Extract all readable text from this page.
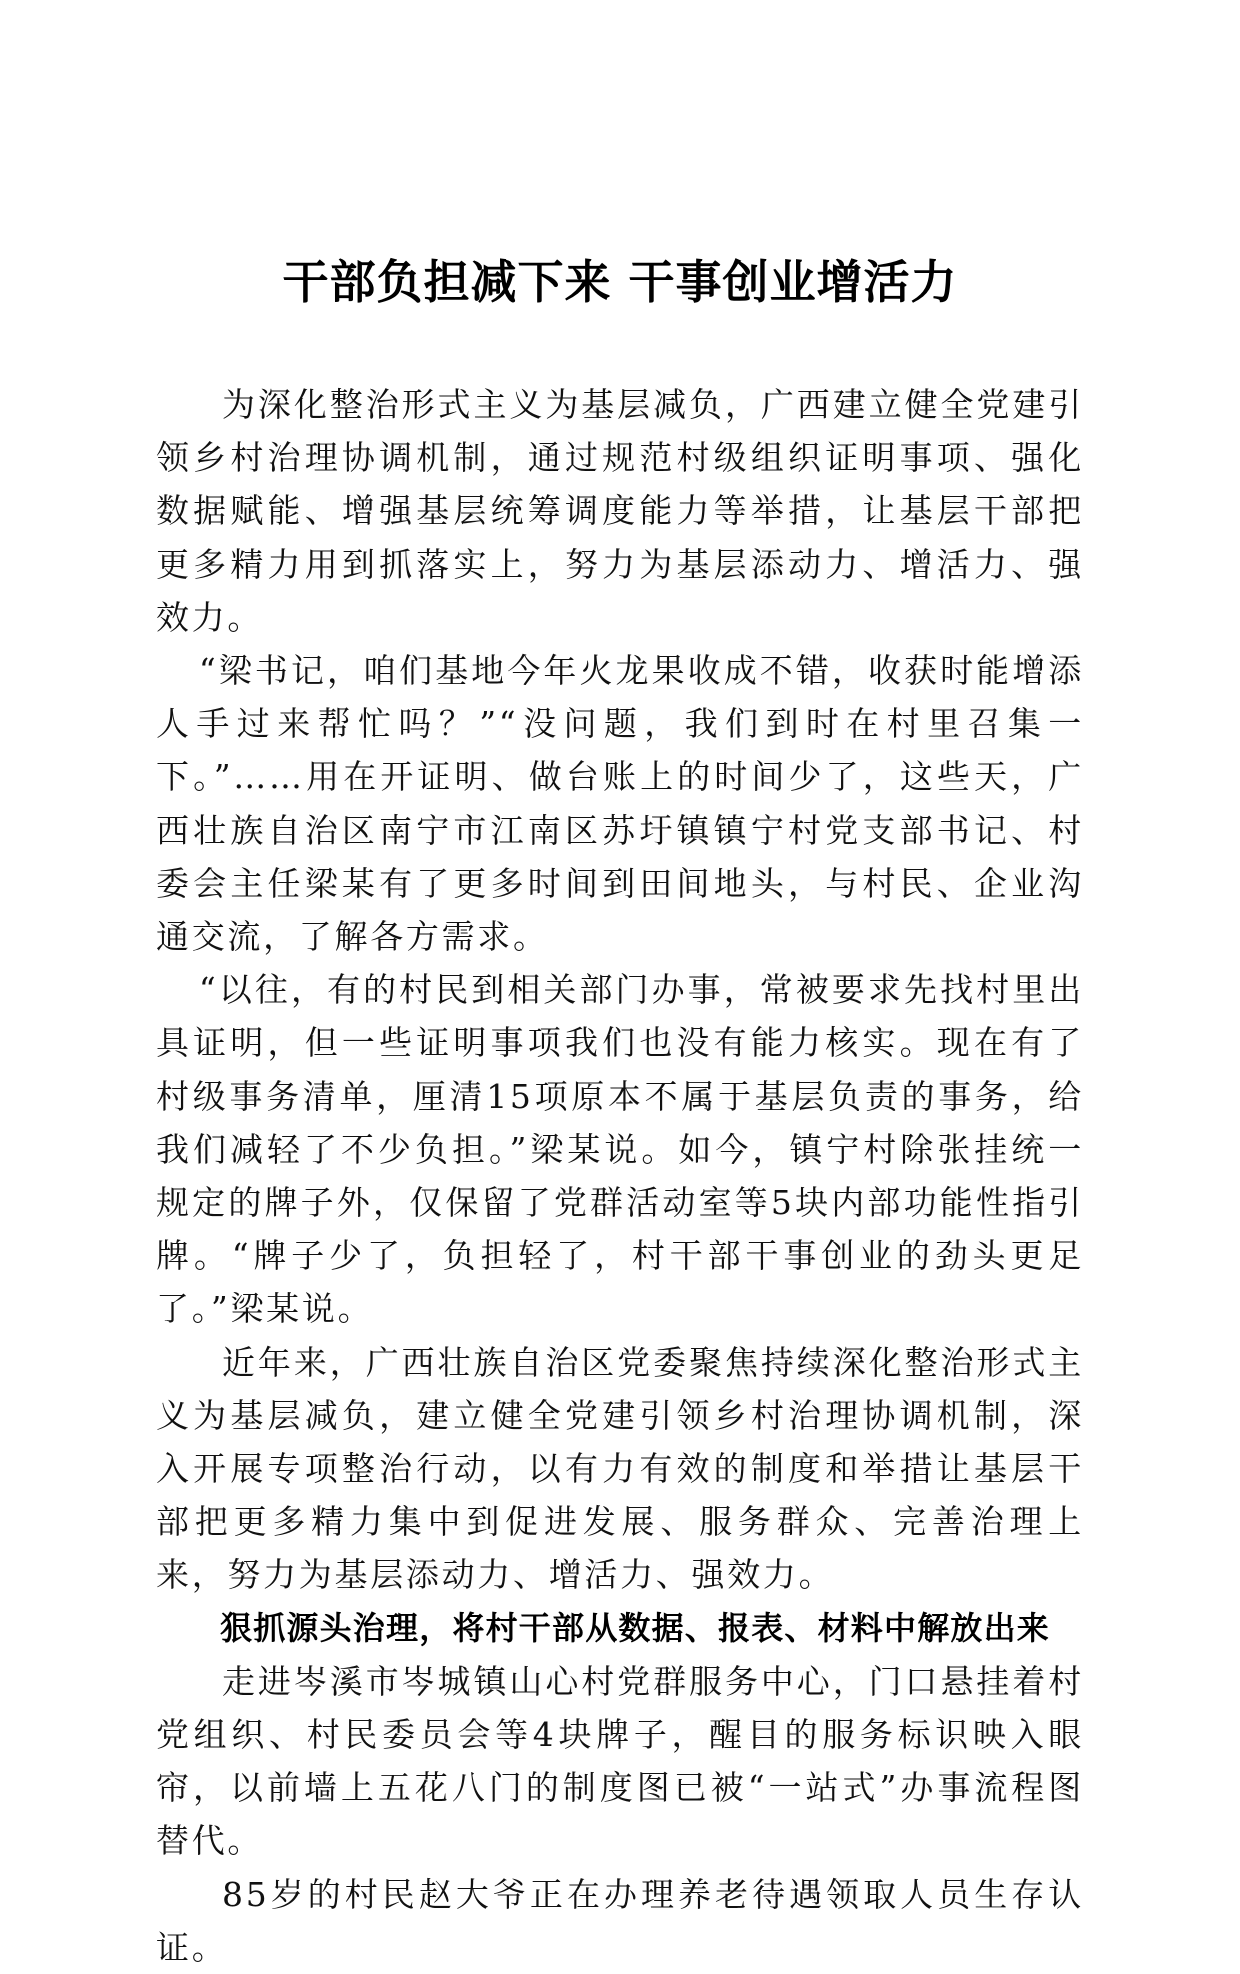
干部负担减下来 干事创业增活力

为深化整治形式主义为基层减负，广西建立健全党建引领乡村治理协调机制，通过规范村级组织证明事项、强化数据赋能、增强基层统筹调度能力等举措，让基层干部把更多精力用到抓落实上，努力为基层添动力、增活力、强效力。

“梁书记，咱们基地今年火龙果收成不错，收获时能增添人手过来帮忙吗？”“没问题，我们到时在村里召集一下。”……用在开证明、做台账上的时间少了，这些天，广西壮族自治区南宁市江南区苏圩镇镇宁村党支部书记、村委会主任梁某有了更多时间到田间地头，与村民、企业沟通交流，了解各方需求。

“以往，有的村民到相关部门办事，常被要求先找村里出具证明，但一些证明事项我们也没有能力核实。现在有了村级事务清单，厘清15项原本不属于基层负责的事务，给我们减轻了不少负担。”梁某说。如今，镇宁村除张挂统一规定的牌子外，仅保留了党群活动室等5块内部功能性指引牌。“牌子少了，负担轻了，村干部干事创业的劲头更足了。”梁某说。

近年来，广西壮族自治区党委聚焦持续深化整治形式主义为基层减负，建立健全党建引领乡村治理协调机制，深入开展专项整治行动，以有力有效的制度和举措让基层干部把更多精力集中到促进发展、服务群众、完善治理上来，努力为基层添动力、增活力、强效力。

狠抓源头治理，将村干部从数据、报表、材料中解放出来

走进岑溪市岑城镇山心村党群服务中心，门口悬挂着村党组织、村民委员会等4块牌子，醒目的服务标识映入眼帘，以前墙上五花八门的制度图已被“一站式”办事流程图替代。

85岁的村民赵大爷正在办理养老待遇领取人员生存认证。
